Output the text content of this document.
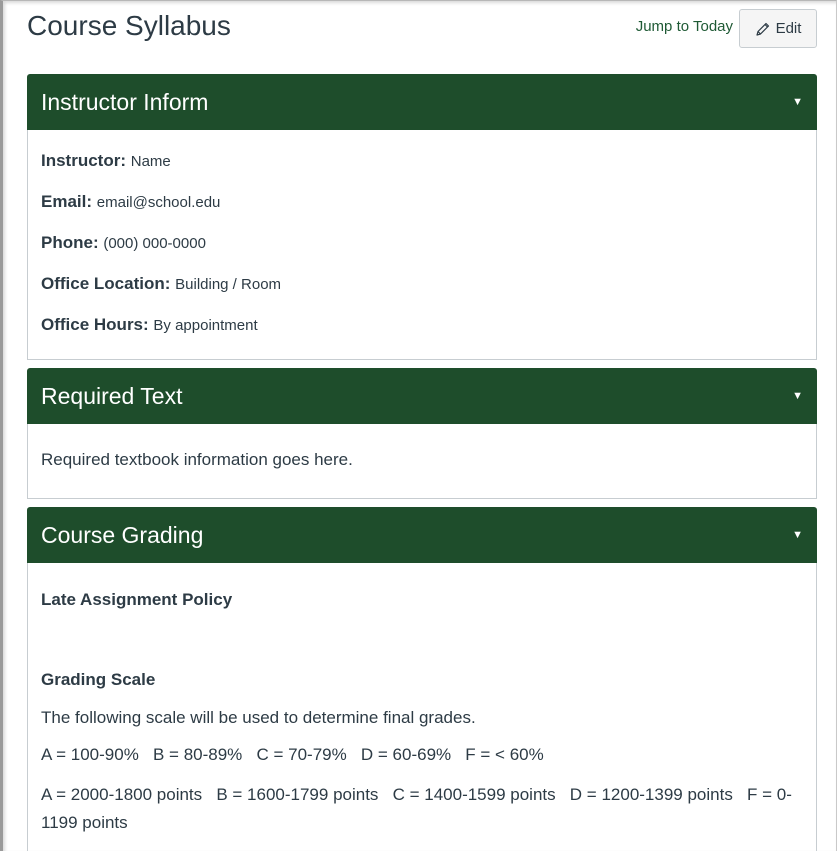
Course Syllabus	Jump to Today	Edit
Instructor Inform	▼
Instructor: Name
Email: email@school.edu
Phone: (000) 000-0000
Office Location: Building / Room
Office Hours: By appointment
Required Text	▼
Required textbook information goes here.
Course Grading	▼
Late Assignment Policy
Grading Scale
The following scale will be used to determine final grades.
A = 100-90%   B = 80-89%   C = 70-79%   D = 60-69%   F = < 60%
A = 2000-1800 points   B = 1600-1799 points   C = 1400-1599 points   D = 1200-1399 points   F = 0-1199 points
